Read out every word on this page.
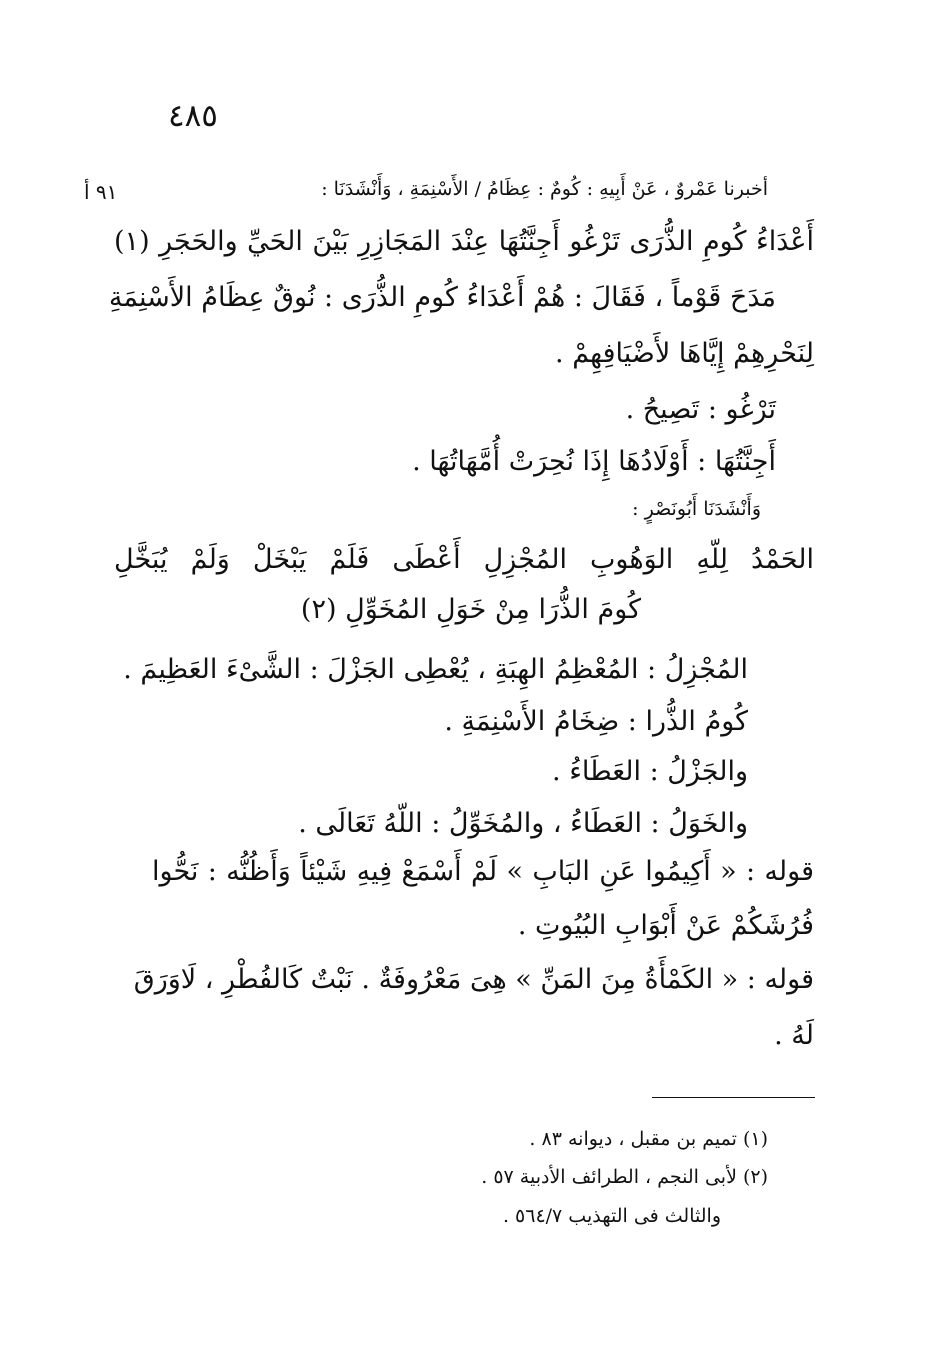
٤٨٥
٩١ أ	أخبرنا عَمْروٌ ، عَنْ أَبِيهِ : كُومٌ : عِظَامُ / الأَسْنِمَةِ ، وَأَنْشَدَنَا :
أَعْدَاءُ كُومِ الذُّرَى تَرْغُو أَجِنَّتُهَا عِنْدَ المَجَازِرِ بَيْنَ الحَيِّ والحَجَرِ (١)
مَدَحَ قَوْماً ، فَقَالَ : هُمْ أَعْدَاءُ كُومِ الذُّرَى : نُوقٌ عِظَامُ الأَسْنِمَةِ
لِنَحْرِهِمْ إِيَّاهَا لأَضْيَافِهِمْ .
تَرْغُو : تَصِيحُ .
أَجِنَّتُهَا : أَوْلَادُهَا إِذَا نُحِرَتْ أُمَّهَاتُهَا .
وَأَنْشَدَنَا أَبُونَصْرٍ :
الحَمْدُ لِلّهِ الوَهُوبِ المُجْزِلِ أَعْطَى فَلَمْ يَبْخَلْ وَلَمْ يُبَخَّلِ
كُومَ الذُّرَا مِنْ خَوَلِ المُخَوِّلِ (٢)
المُجْزِلُ : المُعْظِمُ الهِبَةِ ، يُعْطِى الجَزْلَ : الشَّىْءَ العَظِيمَ .
كُومُ الذُّرا : ضِخَامُ الأَسْنِمَةِ .
والجَزْلُ : العَطَاءُ .
والخَوَلُ : العَطَاءُ ، والمُخَوِّلُ : اللّهُ تَعَالَى .
قوله : « أَكِيمُوا عَنِ البَابِ » لَمْ أَسْمَعْ فِيهِ شَيْئاً وَأَظُنُّه : نَحُّوا
فُرُشَكُمْ عَنْ أَبْوَابِ البُيُوتِ .
قوله : « الكَمْأَةُ مِنَ المَنِّ » هِىَ مَعْرُوفَةٌ . نَبْتٌ كَالفُطْرِ ، لَاوَرَقَ
لَهُ .
(١) تميم بن مقبل ، ديوانه ٨٣ .
(٢) لأبى النجم ، الطرائف الأدبية ٥٧ .
والثالث فى التهذيب ٥٦٤/٧ .
